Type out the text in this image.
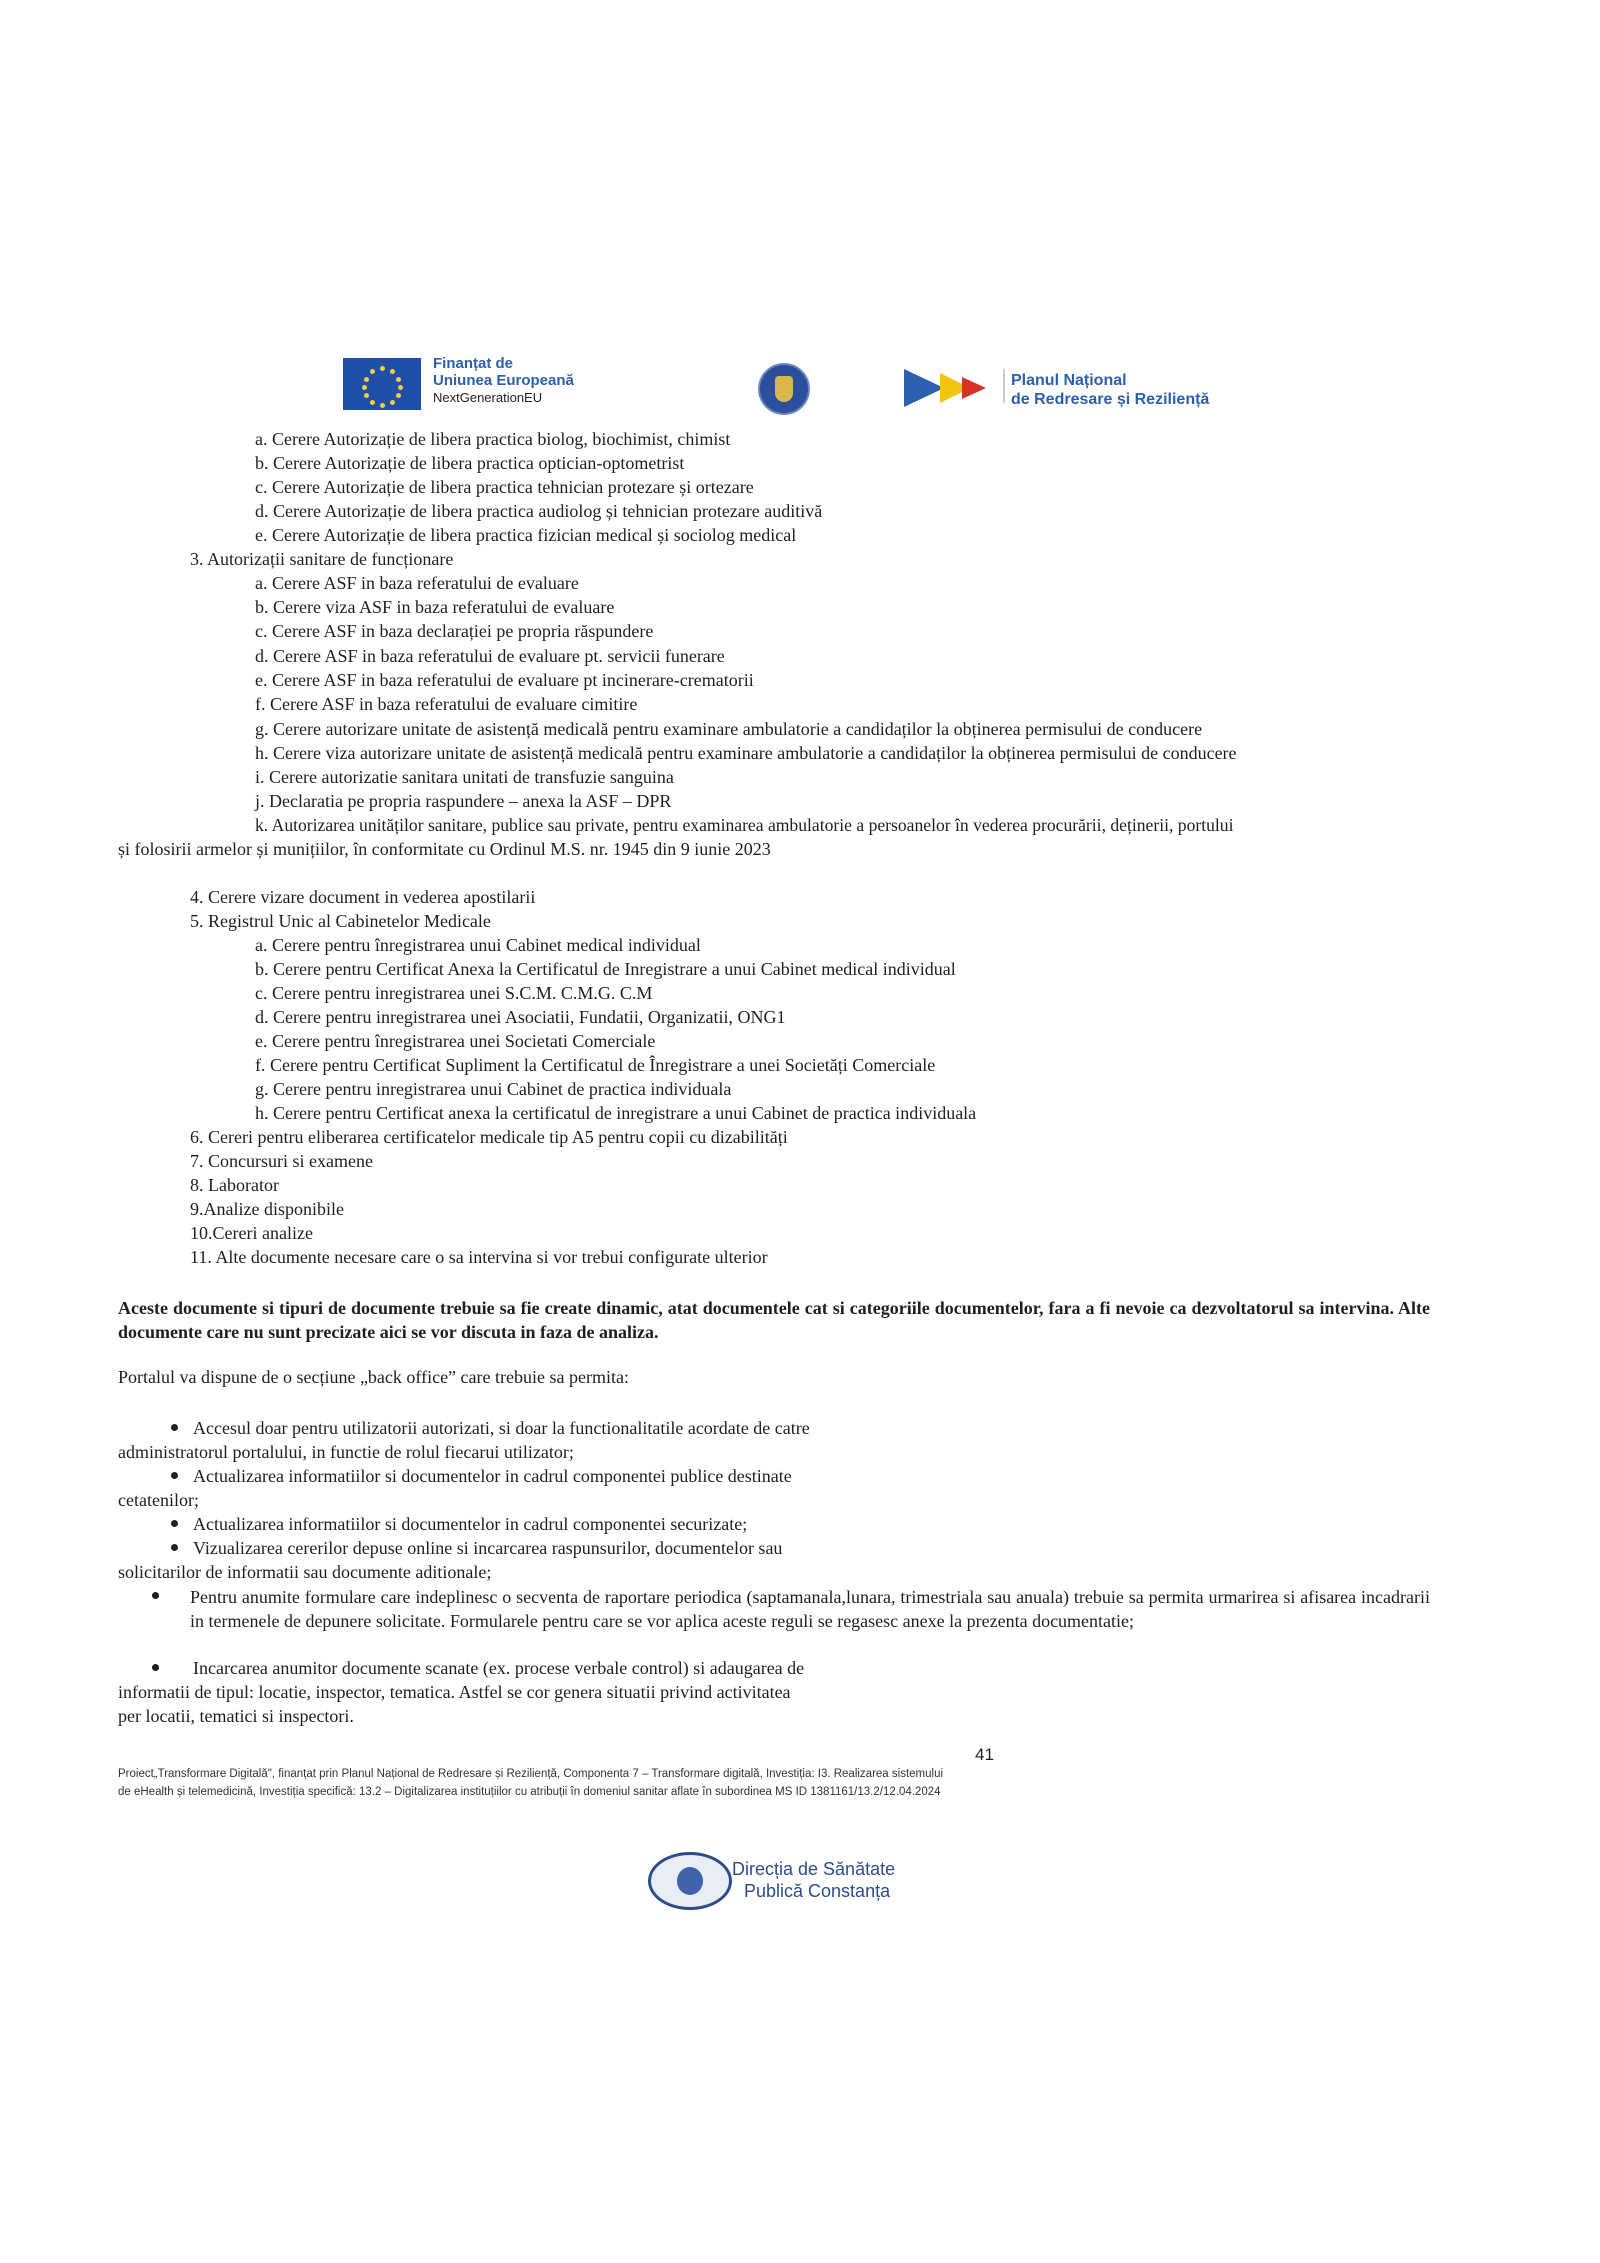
Finanțat de
Uniunea Europeană
NextGenerationEU
Planul Național
de Redresare și Reziliență
a. Cerere Autorizație de libera practica biolog, biochimist, chimist
b. Cerere Autorizație de libera practica optician-optometrist
c. Cerere Autorizație de libera practica tehnician protezare și ortezare
d. Cerere Autorizație de libera practica audiolog și tehnician protezare auditivă
e. Cerere Autorizație de libera practica fizician medical și sociolog medical
3. Autorizații sanitare de funcționare
a. Cerere ASF in baza referatului de evaluare
b. Cerere viza ASF in baza referatului de evaluare
c. Cerere ASF in baza declarației pe propria răspundere
d. Cerere ASF in baza referatului de evaluare pt. servicii funerare
e. Cerere ASF in baza referatului de evaluare pt incinerare-crematorii
f. Cerere ASF in baza referatului de evaluare cimitire
g. Cerere autorizare unitate de asistență medicală pentru examinare ambulatorie a candidaților la obținerea permisului de conducere
h. Cerere viza autorizare unitate de asistență medicală pentru examinare ambulatorie a candidaților la obținerea permisului de conducere
i. Cerere autorizatie sanitara unitati de transfuzie sanguina
j. Declaratia pe propria raspundere – anexa la ASF – DPR
k. Autorizarea unităților sanitare, publice sau private, pentru examinarea ambulatorie a persoanelor în vederea procurării, deținerii, portului
și folosirii armelor și munițiilor, în conformitate cu Ordinul M.S. nr. 1945 din 9 iunie 2023
4. Cerere vizare document in vederea apostilarii
5. Registrul Unic al Cabinetelor Medicale
a. Cerere pentru înregistrarea unui Cabinet medical individual
b. Cerere pentru Certificat Anexa la Certificatul de Inregistrare a unui Cabinet medical individual
c. Cerere pentru inregistrarea unei S.C.M. C.M.G. C.M
d. Cerere pentru inregistrarea unei Asociatii, Fundatii, Organizatii, ONG1
e. Cerere pentru înregistrarea unei Societati Comerciale
f. Cerere pentru Certificat Supliment la Certificatul de Înregistrare a unei Societăți Comerciale
g. Cerere pentru inregistrarea unui Cabinet de practica individuala
h. Cerere pentru Certificat anexa la certificatul de inregistrare a unui Cabinet de practica individuala
6. Cereri pentru eliberarea certificatelor medicale tip A5 pentru copii cu dizabilități
7. Concursuri si examene
8. Laborator
9.Analize disponibile
10.Cereri analize
11. Alte documente necesare care o sa intervina si vor trebui configurate ulterior
Aceste documente si tipuri de documente trebuie sa fie create dinamic, atat documentele cat si categoriile documentelor, fara a fi nevoie ca dezvoltatorul sa intervina. Alte documente care nu sunt precizate aici se vor discuta in faza de analiza.
Portalul va dispune de o secțiune „back office” care trebuie sa permita:
Accesul doar pentru utilizatorii autorizati, si doar la functionalitatile acordate de catre
administratorul portalului, in functie de rolul fiecarui utilizator;
Actualizarea informatiilor si documentelor in cadrul componentei publice destinate
cetatenilor;
Actualizarea informatiilor si documentelor in cadrul componentei securizate;
Vizualizarea cererilor depuse online si incarcarea raspunsurilor, documentelor sau
solicitarilor de informatii sau documente aditionale;
Pentru anumite formulare care indeplinesc o secventa de raportare periodica (saptamanala,lunara, trimestriala sau anuala) trebuie sa permita urmarirea si afisarea incadrarii in termenele de depunere solicitate. Formularele pentru care se vor aplica aceste reguli se regasesc anexe la prezenta documentatie;
Incarcarea anumitor documente scanate (ex. procese verbale control) si adaugarea de
informatii de tipul: locatie, inspector, tematica. Astfel se cor genera situatii privind activitatea
per locatii, tematici si inspectori.
41
Proiect„Transformare Digitală", finanțat prin Planul Național de Redresare și Reziliență, Componenta 7 – Transformare digitală, Investiția: I3. Realizarea sistemului de eHealth și telemedicină, Investiția specifică: 13.2 – Digitalizarea instituțiilor cu atribuții în domeniul sanitar aflate în subordinea MS ID 1381161/13.2/12.04.2024
Direcția de Sănătate
Publică Constanța
